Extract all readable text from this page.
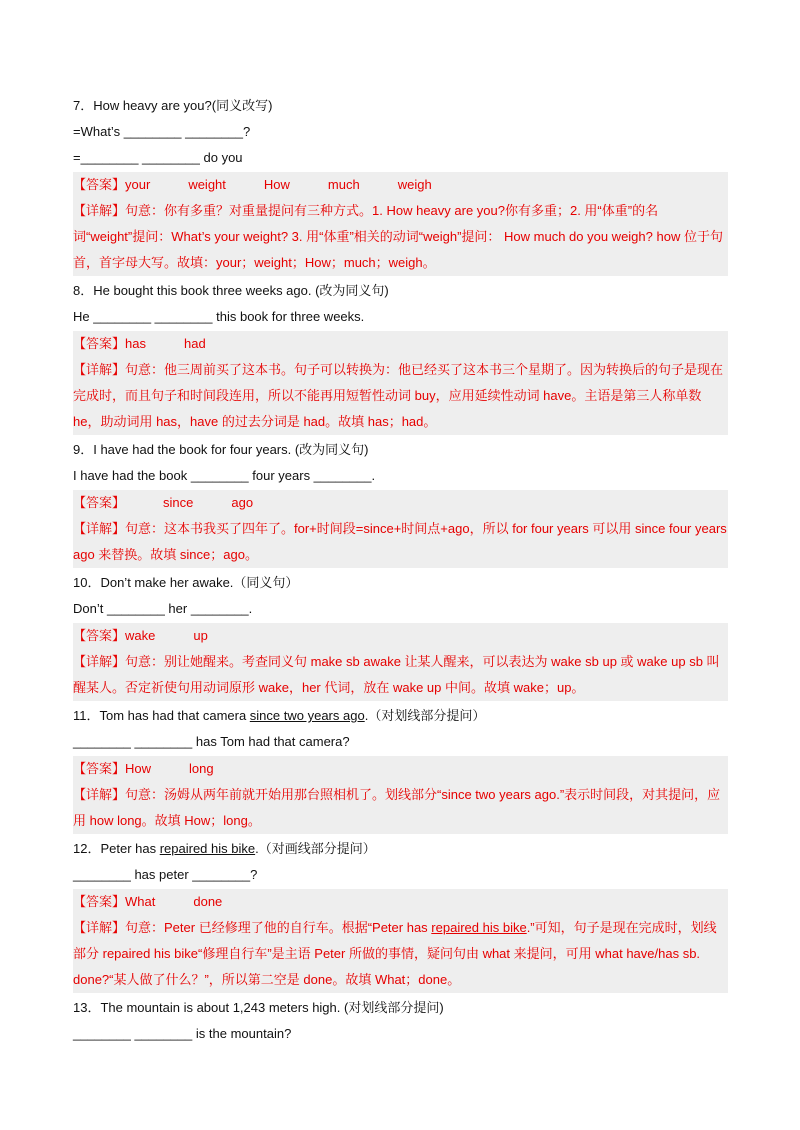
7．How heavy are you?(同义改写)
=What’s ________ ________?
=________ ________ do you
【答案】your	weight	How	much	weigh
【详解】句意：你有多重？对重量提问有三种方式。1. How heavy are you?你有多重；2. 用“体重”的名词“weight”提问：What’s your weight? 3. 用“体重”相关的动词“weigh”提问： How much do you weigh? how 位于句首，首字母大写。故填：your；weight；How；much；weigh。
8．He bought this book three weeks ago. (改为同义句)
He ________ ________ this book for three weeks.
【答案】has	had
【详解】句意：他三周前买了这本书。句子可以转换为：他已经买了这本书三个星期了。因为转换后的句子是现在完成时，而且句子和时间段连用，所以不能再用短暂性动词 buy，应用延续性动词 have。主语是第三人称单数 he，助动词用 has，have 的过去分词是 had。故填 has；had。
9．I have had the book for four years. (改为同义句)
I have had the book ________ four years ________.
【答案】	since	ago
【详解】句意：这本书我买了四年了。for+时间段=since+时间点+ago，所以 for four years 可以用 since four years ago 来替换。故填 since；ago。
10．Don’t make her awake.（同义句）
Don’t ________ her ________.
【答案】wake	up
【详解】句意：别让她醒来。考查同义句 make sb awake 让某人醒来，可以表达为 wake sb up 或 wake up sb 叫醒某人。否定祈使句用动词原形 wake，her 代词，放在 wake up 中间。故填 wake；up。
11．Tom has had that camera since two years ago.（对划线部分提问）
________ ________ has Tom had that camera?
【答案】How	long
【详解】句意：汤姆从两年前就开始用那台照相机了。划线部分“since two years ago.”表示时间段，对其提问，应用 how long。故填 How；long。
12．Peter has repaired his bike.（对画线部分提问）
________ has peter ________?
【答案】What	done
【详解】句意：Peter 已经修理了他的自行车。根据“Peter has repaired his bike.”可知，句子是现在完成时，划线部分 repaired his bike“修理自行车”是主语 Peter 所做的事情，疑问句由 what 来提问，可用 what have/has sb. done?“某人做了什么？”，所以第二空是 done。故填 What；done。
13．The mountain is about 1,243 meters high. (对划线部分提问)
________ ________ is the mountain?
